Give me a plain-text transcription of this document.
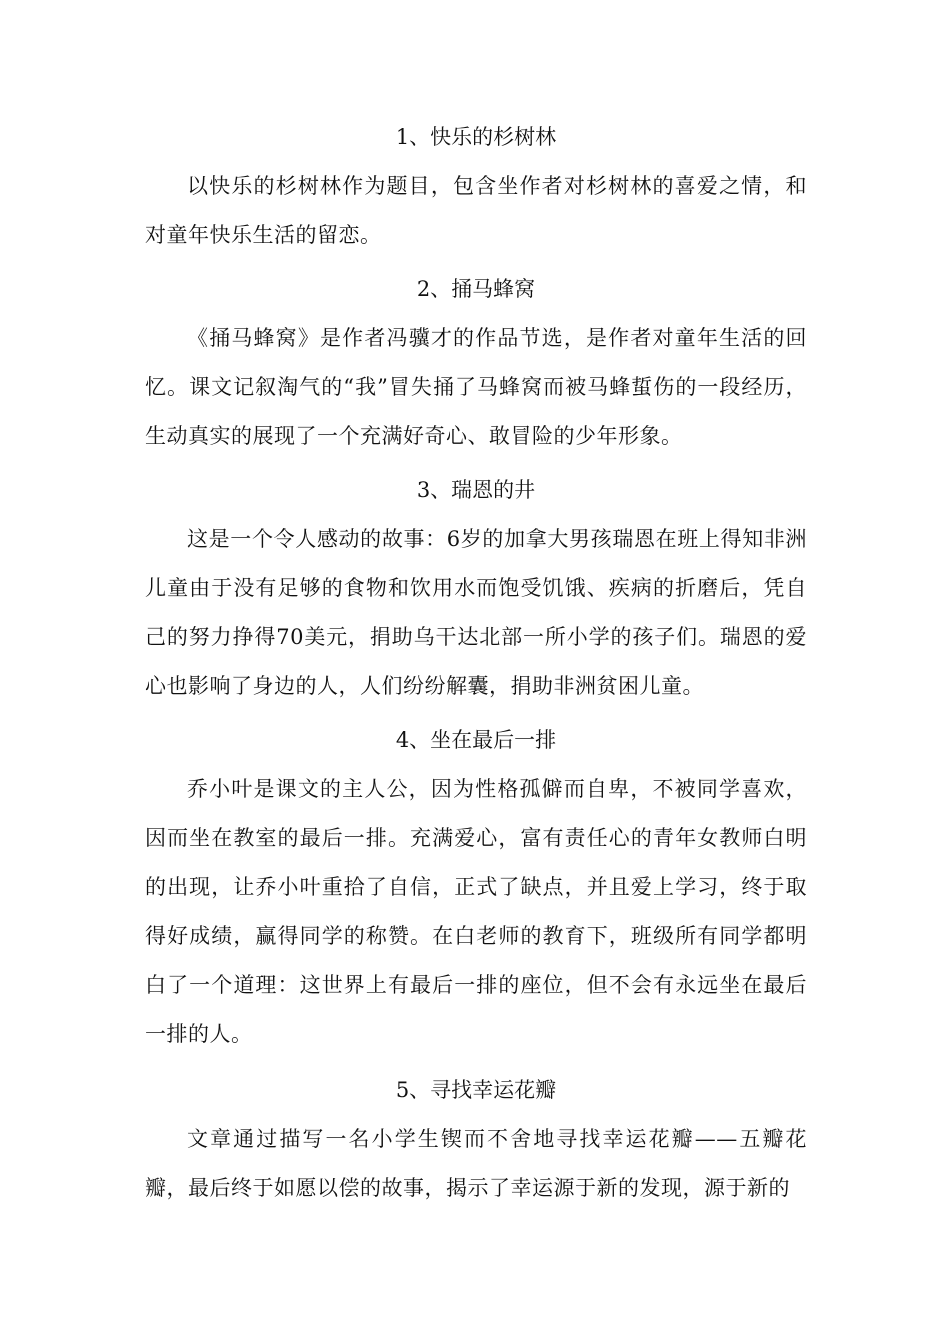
1、快乐的杉树林

以快乐的杉树林作为题目，包含坐作者对杉树林的喜爱之情，和对童年快乐生活的留恋。

2、捅马蜂窝

《捅马蜂窝》是作者冯骥才的作品节选，是作者对童年生活的回忆。课文记叙淘气的“我”冒失捅了马蜂窝而被马蜂蜇伤的一段经历，生动真实的展现了一个充满好奇心、敢冒险的少年形象。

3、瑞恩的井

这是一个令人感动的故事：6岁的加拿大男孩瑞恩在班上得知非洲儿童由于没有足够的食物和饮用水而饱受饥饿、疾病的折磨后，凭自己的努力挣得70美元，捐助乌干达北部一所小学的孩子们。瑞恩的爱心也影响了身边的人，人们纷纷解囊，捐助非洲贫困儿童。

4、坐在最后一排

乔小叶是课文的主人公，因为性格孤僻而自卑，不被同学喜欢，因而坐在教室的最后一排。充满爱心，富有责任心的青年女教师白明的出现，让乔小叶重拾了自信，正式了缺点，并且爱上学习，终于取得好成绩，赢得同学的称赞。在白老师的教育下，班级所有同学都明白了一个道理：这世界上有最后一排的座位，但不会有永远坐在最后一排的人。

5、寻找幸运花瓣

文章通过描写一名小学生锲而不舍地寻找幸运花瓣——五瓣花瓣，最后终于如愿以偿的故事，揭示了幸运源于新的发现，源于新的
